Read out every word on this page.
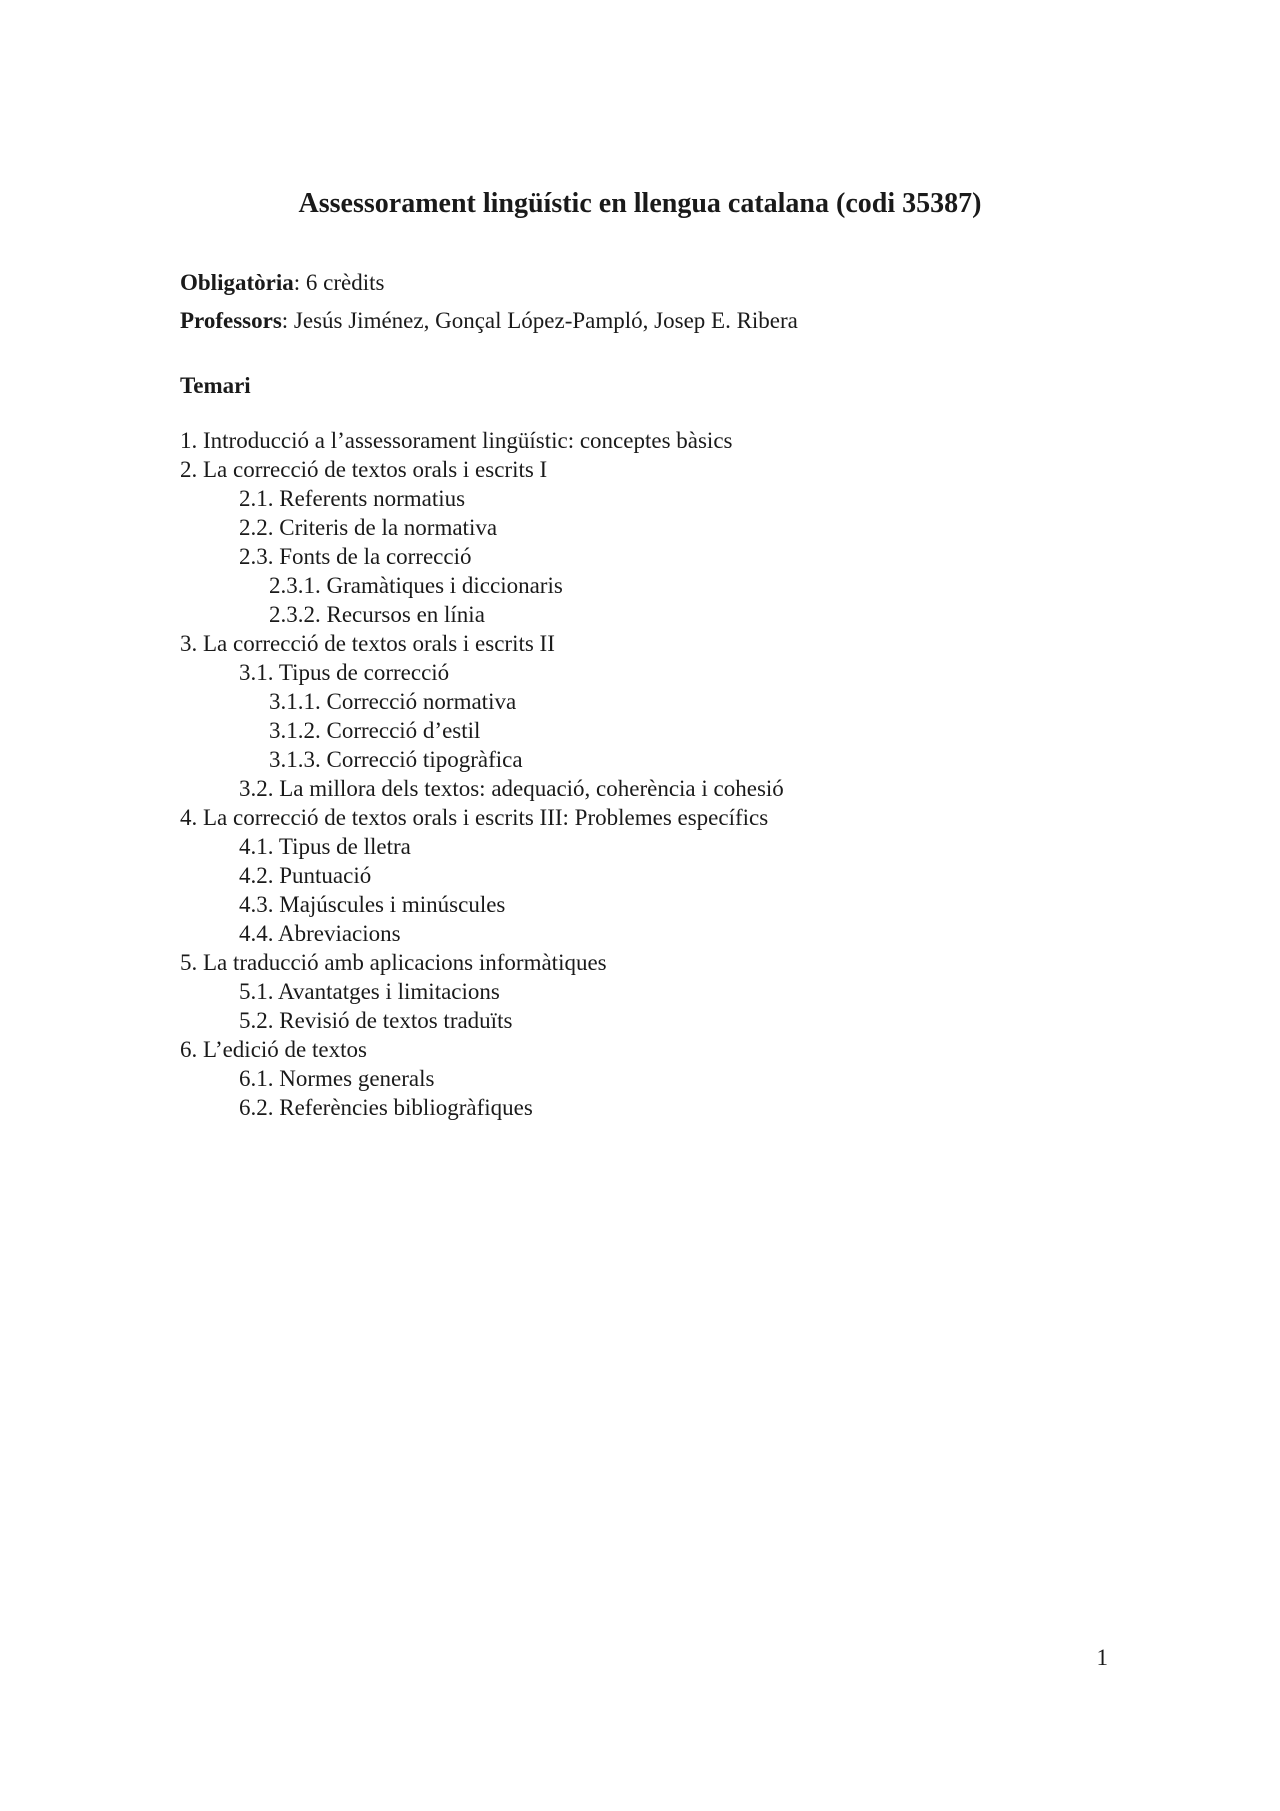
Assessorament lingüístic en llengua catalana (codi 35387)
Obligatòria: 6 crèdits
Professors: Jesús Jiménez, Gonçal López-Pampló, Josep E. Ribera
Temari
1. Introducció a l’assessorament lingüístic: conceptes bàsics
2. La correcció de textos orals i escrits I
2.1. Referents normatius
2.2. Criteris de la normativa
2.3. Fonts de la correcció
2.3.1. Gramàtiques i diccionaris
2.3.2. Recursos en línia
3. La correcció de textos orals i escrits II
3.1. Tipus de correcció
3.1.1. Correcció normativa
3.1.2. Correcció d’estil
3.1.3. Correcció tipogràfica
3.2. La millora dels textos: adequació, coherència i cohesió
4. La correcció de textos orals i escrits III: Problemes específics
4.1. Tipus de lletra
4.2. Puntuació
4.3. Majúscules i minúscules
4.4. Abreviacions
5. La traducció amb aplicacions informàtiques
5.1. Avantatges i limitacions
5.2. Revisió de textos traduïts
6. L’edició de textos
6.1. Normes generals
6.2. Referències bibliogràfiques
1
